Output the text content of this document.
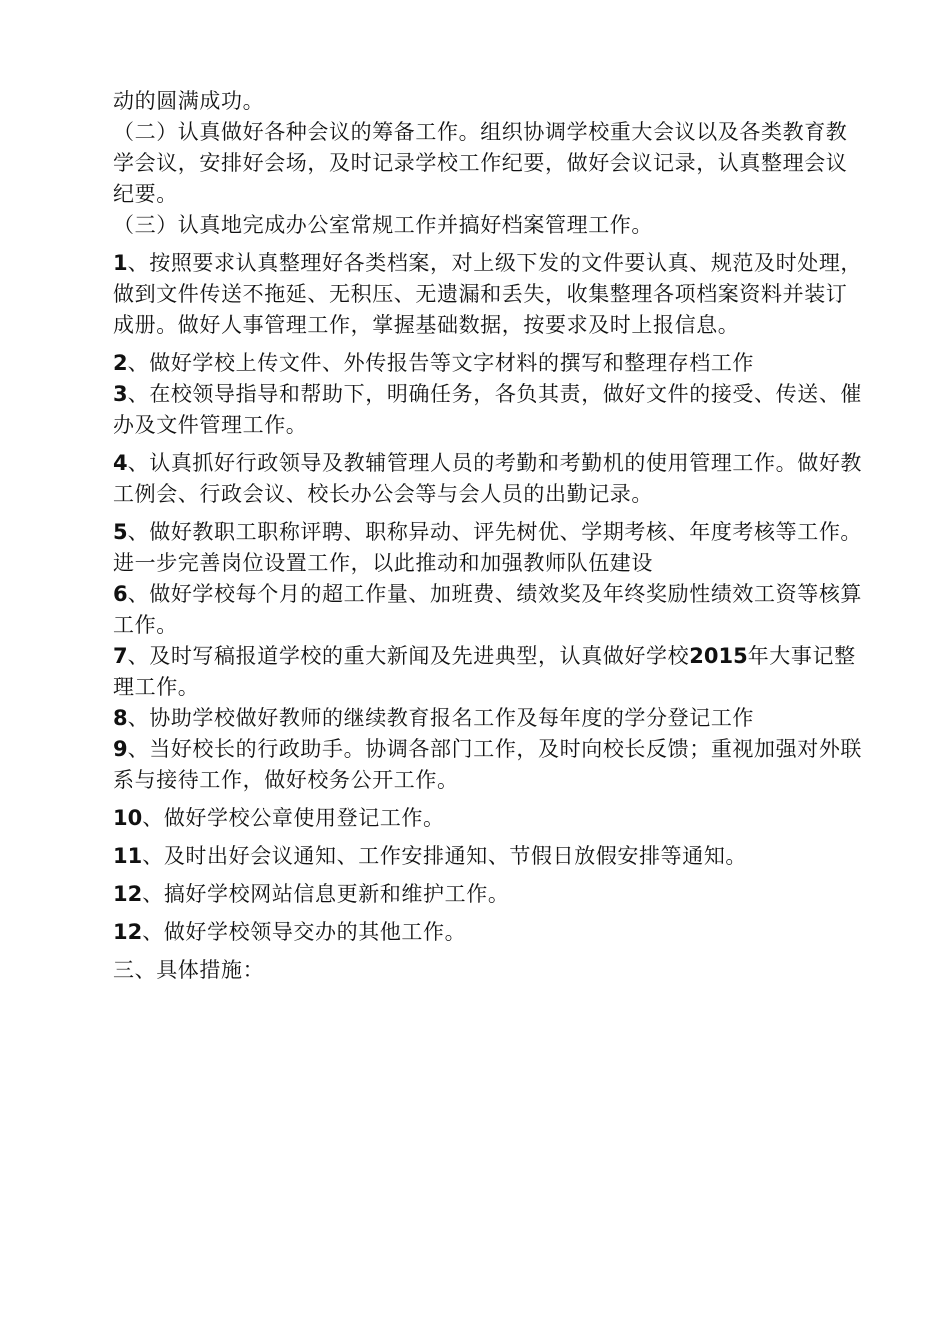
动的圆满成功。

（二）认真做好各种会议的筹备工作。组织协调学校重大会议以及各类教育教学会议，安排好会场，及时记录学校工作纪要，做好会议记录，认真整理会议纪要。

（三）认真地完成办公室常规工作并搞好档案管理工作。

1、按照要求认真整理好各类档案，对上级下发的文件要认真、规范及时处理，做到文件传送不拖延、无积压、无遗漏和丢失，收集整理各项档案资料并装订成册。做好人事管理工作，掌握基础数据，按要求及时上报信息。

2、做好学校上传文件、外传报告等文字材料的撰写和整理存档工作

3、在校领导指导和帮助下，明确任务，各负其责，做好文件的接受、传送、催办及文件管理工作。

4、认真抓好行政领导及教辅管理人员的考勤和考勤机的使用管理工作。做好教工例会、行政会议、校长办公会等与会人员的出勤记录。

5、做好教职工职称评聘、职称异动、评先树优、学期考核、年度考核等工作。进一步完善岗位设置工作，以此推动和加强教师队伍建设

6、做好学校每个月的超工作量、加班费、绩效奖及年终奖励性绩效工资等核算工作。

7、及时写稿报道学校的重大新闻及先进典型，认真做好学校2015年大事记整理工作。

8、协助学校做好教师的继续教育报名工作及每年度的学分登记工作

9、当好校长的行政助手。协调各部门工作，及时向校长反馈；重视加强对外联系与接待工作，做好校务公开工作。

10、做好学校公章使用登记工作。

11、及时出好会议通知、工作安排通知、节假日放假安排等通知。

12、搞好学校网站信息更新和维护工作。

12、做好学校领导交办的其他工作。

三、具体措施：
